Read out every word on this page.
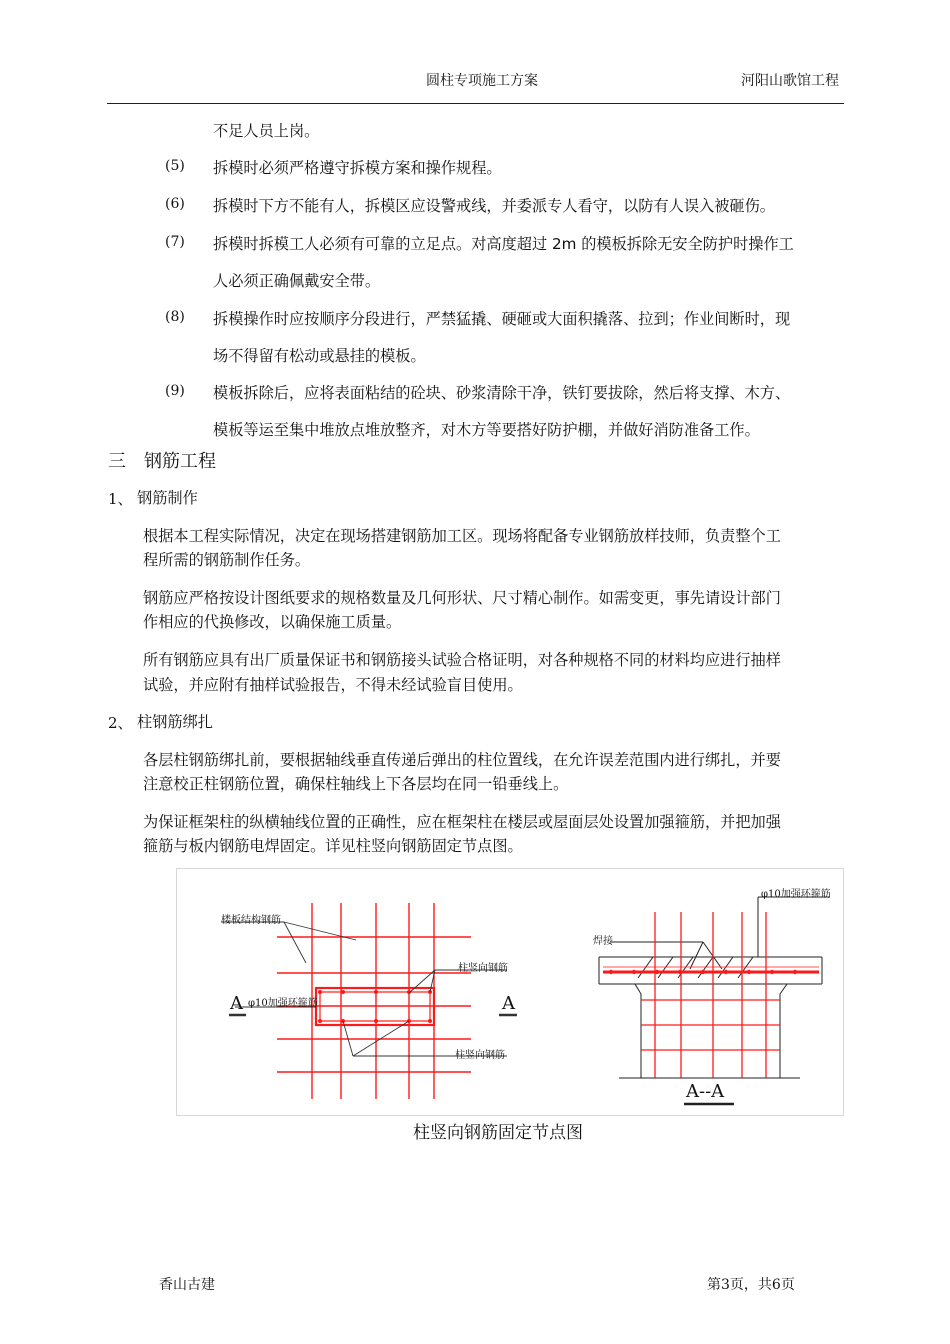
圆柱专项施工方案	河阳山歌馆工程
不足人员上岗。
(5) 拆模时必须严格遵守拆模方案和操作规程。
(6) 拆模时下方不能有人，拆模区应设警戒线，并委派专人看守，以防有人误入被砸伤。
(7) 拆模时拆模工人必须有可靠的立足点。对高度超过 2m 的模板拆除无安全防护时操作工
人必须正确佩戴安全带。
(8) 拆模操作时应按顺序分段进行，严禁猛撬、硬砸或大面积撬落、拉到；作业间断时，现
场不得留有松动或悬挂的模板。
(9) 模板拆除后，应将表面粘结的砼块、砂浆清除干净，铁钉要拔除，然后将支撑、木方、
模板等运至集中堆放点堆放整齐，对木方等要搭好防护棚，并做好消防准备工作。
三 钢筋工程
1、 钢筋制作
根据本工程实际情况，决定在现场搭建钢筋加工区。现场将配备专业钢筋放样技师，负责整个工
程所需的钢筋制作任务。
钢筋应严格按设计图纸要求的规格数量及几何形状、尺寸精心制作。如需变更，事先请设计部门
作相应的代换修改，以确保施工质量。
所有钢筋应具有出厂质量保证书和钢筋接头试验合格证明，对各种规格不同的材料均应进行抽样
试验，并应附有抽样试验报告，不得未经试验盲目使用。
2、 柱钢筋绑扎
各层柱钢筋绑扎前，要根据轴线垂直传递后弹出的柱位置线，在允许误差范围内进行绑扎，并要
注意校正柱钢筋位置，确保柱轴线上下各层均在同一铅垂线上。
为保证框架柱的纵横轴线位置的正确性，应在框架柱在楼层或屋面层处设置加强箍筋，并把加强
箍筋与板内钢筋电焊固定。详见柱竖向钢筋固定节点图。
楼板结构钢筋
柱竖向钢筋
φ10加强环箍筋
柱竖向钢筋
A	A
φ10加强环箍筋
焊接
A--A
柱竖向钢筋固定节点图
香山古建	第3页，共6页
